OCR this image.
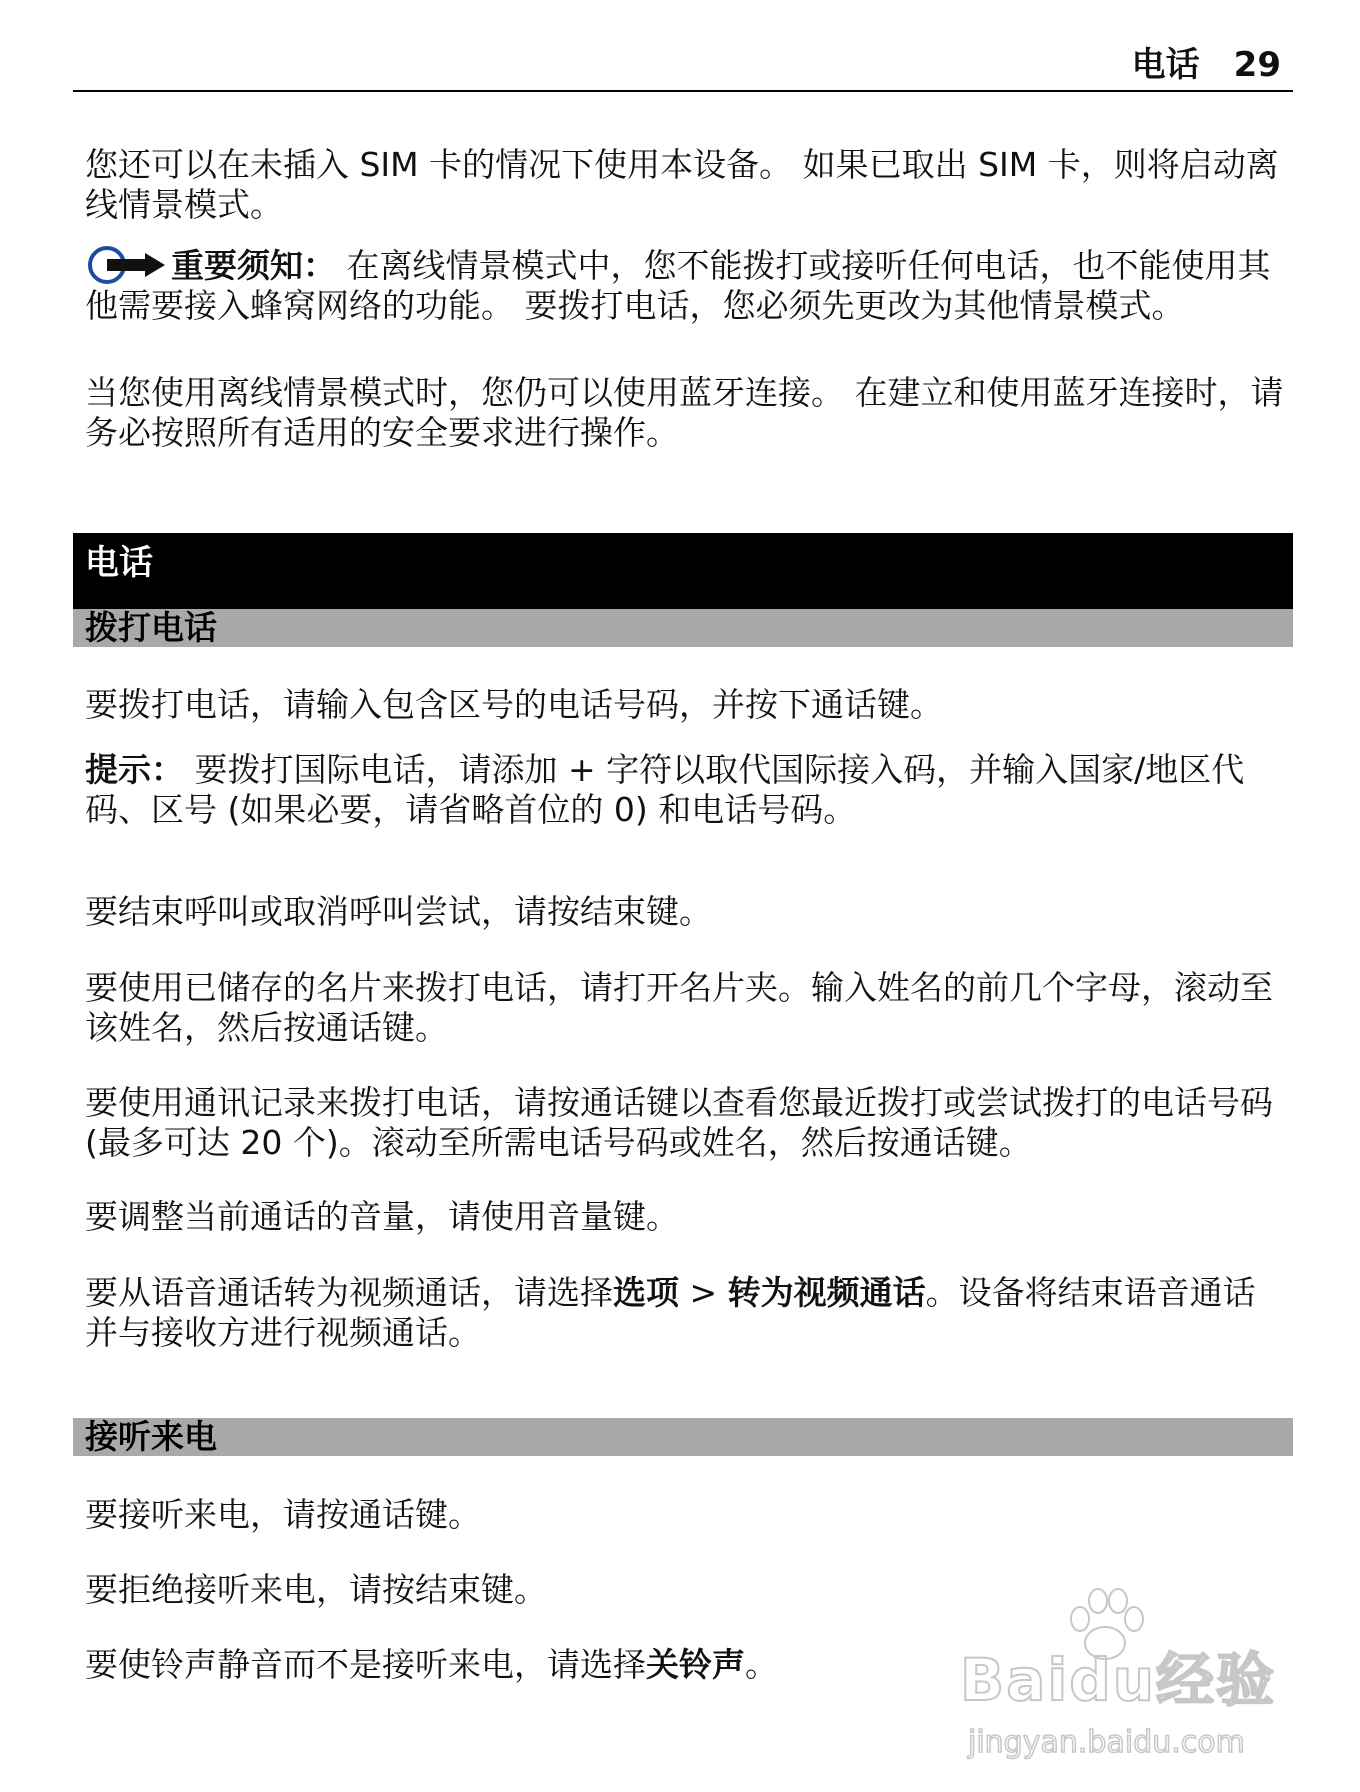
电话 29

您还可以在未插入 SIM 卡的情况下使用本设备。 如果已取出 SIM 卡，则将启动离线情景模式。

重要须知： 在离线情景模式中，您不能拨打或接听任何电话，也不能使用其他需要接入蜂窝网络的功能。 要拨打电话，您必须先更改为其他情景模式。

当您使用离线情景模式时，您仍可以使用蓝牙连接。 在建立和使用蓝牙连接时，请务必按照所有适用的安全要求进行操作。

电话
拨打电话

要拨打电话，请输入包含区号的电话号码，并按下通话键。

提示： 要拨打国际电话，请添加 + 字符以取代国际接入码，并输入国家/地区代码、区号 (如果必要，请省略首位的 0) 和电话号码。

要结束呼叫或取消呼叫尝试，请按结束键。

要使用已储存的名片来拨打电话，请打开名片夹。输入姓名的前几个字母，滚动至该姓名，然后按通话键。

要使用通讯记录来拨打电话，请按通话键以查看您最近拨打或尝试拨打的电话号码 (最多可达 20 个)。滚动至所需电话号码或姓名，然后按通话键。

要调整当前通话的音量，请使用音量键。

要从语音通话转为视频通话，请选择选项 > 转为视频通话。设备将结束语音通话并与接收方进行视频通话。

接听来电

要接听来电，请按通话键。

要拒绝接听来电，请按结束键。

要使铃声静音而不是接听来电，请选择关铃声。	Baidu经验
jingyan.baidu.com
